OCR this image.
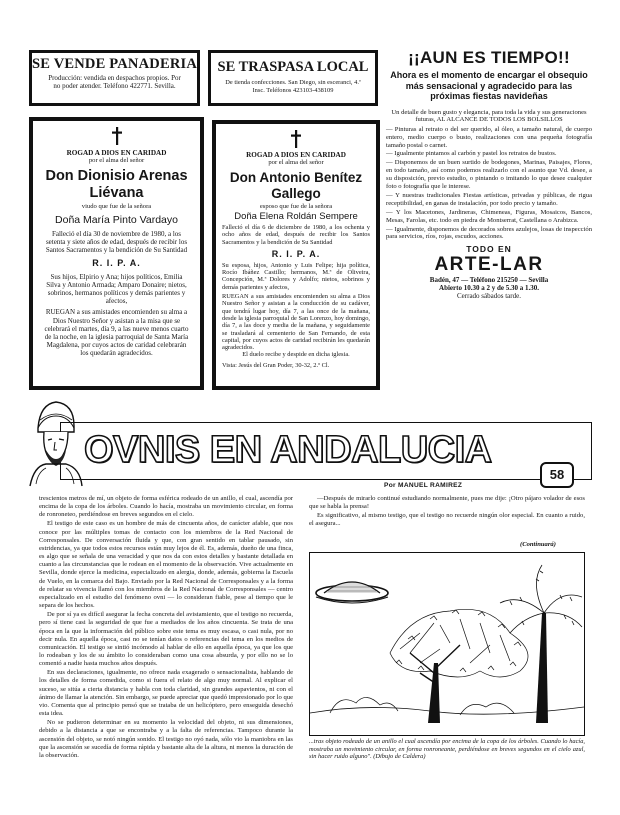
SE VENDE PANADERIA
Producción: vendida en despachos propios. Por no poder atender. Teléfono 422771. Sevilla.
SE TRASPASA LOCAL
De tienda confecciones. San Diego, sin esceranci, 4.ª Insc. Teléfonos 423103-438109
¡¡AUN ES TIEMPO!!
Ahora es el momento de encargar el obsequio más sensacional y agradecido para las próximas fiestas navideñas
Un detalle de buen gusto y elegancia, para toda la vida y sus generaciones futuras, AL ALCANCE DE TODOS LOS BOLSILLOS
— Pinturas al retrato o del ser querido, al óleo, a tamaño natural, de cuerpo entero, medio cuerpo o busto, realizaciones con una pequeña fotografía tamaño postal o carnet.
— Igualmente pintamos al carbón y pastel los retratos de bustos.
— Disponemos de un buen surtido de bodegones, Marinas, Paisajes, Flores, en todo tamaño, así como podemos realizarlo con el asunto que Vd. desee, a su disposición, previo estudio, o pintando o imitando lo que desee cualquier foto o fotografía que le interese.
— Y nuestras tradicionales Fiestas artísticas, privadas y públicas, de rigua receptibilidad, en ganas de instalación, por todo precio y tamaño.
— Y los Macetones, Jardineras, Chimeneas, Figuras, Mosaicos, Bancos, Mesas, Farolas, etc. todo en piedra de Montserrat, Castellana o Arabizca.
— Igualmente, disponemos de decorados sobres azulejos, losas de inspección para servicios, ríos, rojas, escudos, acciones.
TODO EN
ARTE-LAR
Badén, 47 — Teléfono 215250 — Sevilla
Abierto 10.30 a 2 y de 5.30 a 1.30.
Cerrado sábados tarde.
ROGAD A DIOS EN CARIDAD
por el alma del señor
Don Dionisio Arenas
Liévana
viudo que fue de la señora
Doña María Pinto Vardayo
Falleció el día 30 de noviembre de 1980, a los setenta y siete años de edad, después de recibir los Santos Sacramentos y la bendición de Su Santidad
R. I. P. A.
Sus hijos, Elpirio y Ana; hijos políticos, Emilia Silva y Antonio Armada; Amparo Donaire; nietos, sobrinos, hermanos políticos y demás parientes y afectos,
RUEGAN a sus amistades encomienden su alma a Dios Nuestro Señor y asistan a la misa que se celebrará el martes, día 9, a las nueve menos cuarto de la noche, en la iglesia parroquial de Santa María Magdalena, por cuyos actos de caridad celebrarán los quedarán agradecidos.
ROGAD A DIOS EN CARIDAD
por el alma del señor
Don Antonio Benítez
Gallego
esposo que fue de la señora
Doña Elena Roldán Sempere
Falleció el día 6 de diciembre de 1980, a los ochenta y ocho años de edad, después de recibir los Santos Sacramentos y la bendición de Su Santidad
R. I. P. A.
Su esposa, hijos, Antonio y Luis Felipe; hija política, Rocío Ibáñez Castillo; hermanos, M.ª de Oliveira, Concepción, M.ª Dolores y Adolfo; nietos, sobrinos y demás parientes y afectos,
RUEGAN a sus amistades encomienden su alma a Dios Nuestro Señor y asistan a la conducción de su cadáver, que tendrá lugar hoy, día 7, a las once de la mañana, desde la iglesia parroquial de San Lorenzo, hoy domingo, día 7, a las doce y media de la mañana, y seguidamente se trasladará al cementerio de San Fernando, de esta capital, por cuyos actos de caridad recibirán les quedarán agradecidos.
El duelo recibe y despide en dicha iglesia.
Vista: Jesús del Gran Poder, 30-32, 2.º Cl.
OVNIS EN ANDALUCIA
58
Por MANUEL RAMIREZ

trescientos metros de mí, un objeto de forma esférica rodeado de un anillo, el cual, ascendía por encima de la copa de los árboles. Cuando lo hacía, mostraba un movimiento circular, en forma de ronroneteo, perdiéndose en breves segundos en el cielo.

El testigo de este caso es un hombre de más de cincuenta años, de carácter afable, que nos conoce por las múltiples tomas de contacto con los miembros de la Red Nacional de Corresponsales. De conversación fluida y que, con gran sentido en tablar pausado, sin estridencias, ya que todos estos recursos están muy lejos de él. Es, además, dueño de una finca, es algo que se señala de una veracidad y que nos da con estos detalles y bastante detallada en cuanto a las circunstancias que le rodean en el momento de la observación. Vive actualmente en Sevilla, donde ejerce la medicina, especializado en alergia, donde, además, gobierna la Escuela de Vuelo, en la comarca del Bajo. Enviado por la Red Nacional de Corresponsales y a la forma de relatar su vivencia llamó con los miembros de la Red Nacional de Corresponsales — centro especializado en el estudio del fenómeno ovni — lo consideran fiable, pese al tiempo que le separa de los hechos.

De por sí ya es difícil asegurar la fecha concreta del avistamiento, que el testigo no recuerda, pero sí tiene casi la seguridad de que fue a mediados de los años cincuenta. Se trata de una época en la que la información del público sobre este tema es muy escasa, o casi nula, por no decir nula. En aquella época, casi no se tenían datos o referencias del tema en los medios de comunicación. El testigo se sintió incómodo al hablar de ello en aquella época, ya que los que lo rodeaban y los de su ámbito lo consideraban como una cosa absurda, y por ello no se lo comentó a nadie hasta muchos años después.

En sus declaraciones, igualmente, no ofrece nada exagerado o sensacionalista, hablando de los detalles de forma comedida, como si fuera el relato de algo muy normal. Al explicar el suceso, se sitúa a cierta distancia y habla con toda claridad, sin grandes aspavientos, ni con el ánimo de llamar la atención. Sin embargo, se puede apreciar que quedó impresionado por lo que vio. Comenta que al principio pensó que se trataba de un helicóptero, pero enseguida desechó esta idea.

No se pudieron determinar en su momento la velocidad del objeto, ni sus dimensiones, debido a la distancia a que se encontraba y a la falta de referencias. Tampoco durante la ascensión del objeto, se notó ningún sonido. El testigo no oyó nada, sólo vio la maniobra en las que la ascensión se sucedía de forma rápida y bastante alta de la altura, ni menos la duración de la observación.

—Después de mirarlo continué estudiando normalmente, pues me dije: ¡Otro pájaro volador de esos que se habla la prensa!

Es significativo, al mismo testigo, que el testigo no recuerde ningún olor especial. En cuanto a ruido, el asegura...

(Continuará)
...tras objeto rodeado de un anillo el cual ascendía por encima de la copa de los árboles. Cuando lo hacía, mostraba un movimiento circular, en forma ronroneante, perdiéndose en breves segundos en el cielo azul, sin hacer ruido alguno". (Dibujo de Caldera)
